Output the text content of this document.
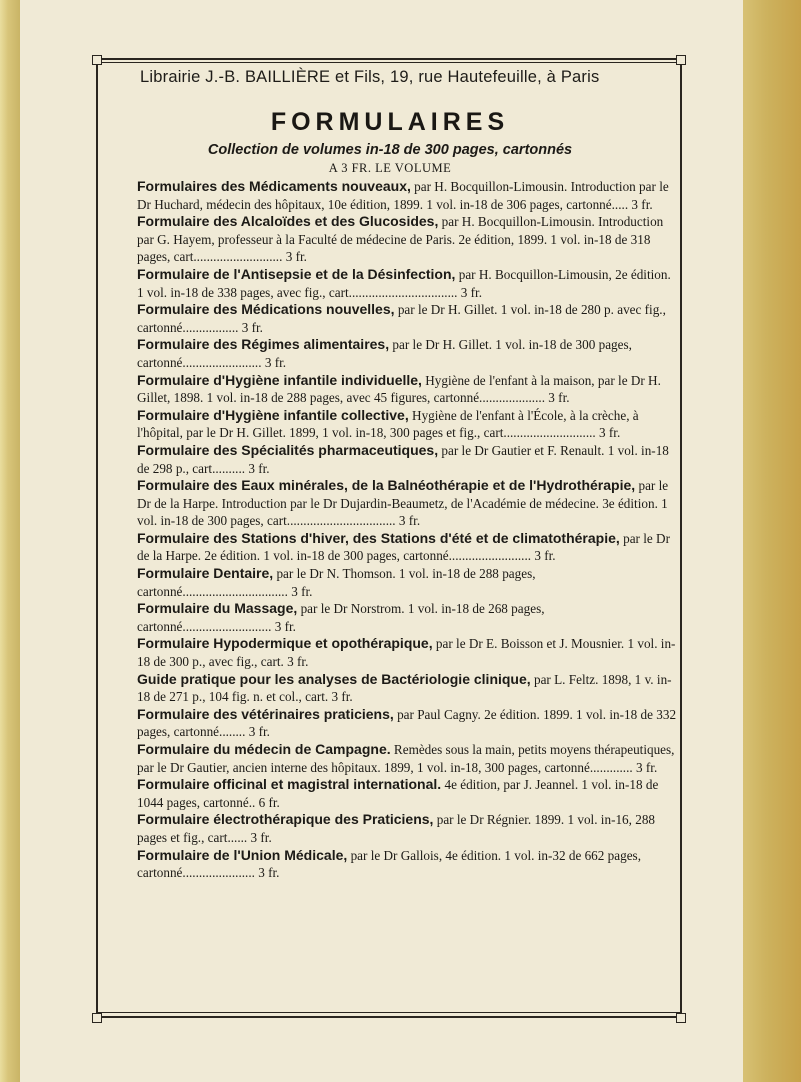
Librairie J.-B. BAILLIÈRE et Fils, 19, rue Hautefeuille, à Paris
FORMULAIRES
Collection de volumes in-18 de 300 pages, cartonnés
A 3 FR. LE VOLUME

Formulaires des Médicaments nouveaux, par H. Bocquillon-Limousin. Introduction par le Dr Huchard, médecin des hôpitaux, 10e édition, 1899. 1 vol. in-18 de 306 pages, cartonné..... 3 fr.

Formulaire des Alcaloïdes et des Glucosides, par H. Bocquillon-Limousin. Introduction par G. Hayem, professeur à la Faculté de médecine de Paris. 2e édition, 1899. 1 vol. in-18 de 318 pages, cart........................... 3 fr.

Formulaire de l'Antisepsie et de la Désinfection, par H. Bocquillon-Limousin, 2e édition. 1 vol. in-18 de 338 pages, avec fig., cart................................. 3 fr.

Formulaire des Médications nouvelles, par le Dr H. Gillet. 1 vol. in-18 de 280 p. avec fig., cartonné................. 3 fr.

Formulaire des Régimes alimentaires, par le Dr H. Gillet. 1 vol. in-18 de 300 pages, cartonné........................ 3 fr.

Formulaire d'Hygiène infantile individuelle, Hygiène de l'enfant à la maison, par le Dr H. Gillet, 1898. 1 vol. in-18 de 288 pages, avec 45 figures, cartonné.................... 3 fr.

Formulaire d'Hygiène infantile collective, Hygiène de l'enfant à l'École, à la crèche, à l'hôpital, par le Dr H. Gillet. 1899, 1 vol. in-18, 300 pages et fig., cart............................ 3 fr.

Formulaire des Spécialités pharmaceutiques, par le Dr Gautier et F. Renault. 1 vol. in-18 de 298 p., cart.......... 3 fr.

Formulaire des Eaux minérales, de la Balnéothérapie et de l'Hydrothérapie, par le Dr de la Harpe. Introduction par le Dr Dujardin-Beaumetz, de l'Académie de médecine. 3e édition. 1 vol. in-18 de 300 pages, cart................................. 3 fr.

Formulaire des Stations d'hiver, des Stations d'été et de climatothérapie, par le Dr de la Harpe. 2e édition. 1 vol. in-18 de 300 pages, cartonné......................... 3 fr.

Formulaire Dentaire, par le Dr N. Thomson. 1 vol. in-18 de 288 pages, cartonné................................ 3 fr.

Formulaire du Massage, par le Dr Norstrom. 1 vol. in-18 de 268 pages, cartonné........................... 3 fr.

Formulaire Hypodermique et opothérapique, par le Dr E. Boisson et J. Mousnier. 1 vol. in-18 de 300 p., avec fig., cart. 3 fr.

Guide pratique pour les analyses de Bactériologie clinique, par L. Feltz. 1898, 1 v. in-18 de 271 p., 104 fig. n. et col., cart. 3 fr.

Formulaire des vétérinaires praticiens, par Paul Cagny. 2e édition. 1899. 1 vol. in-18 de 332 pages, cartonné........ 3 fr.

Formulaire du médecin de Campagne. Remèdes sous la main, petits moyens thérapeutiques, par le Dr Gautier, ancien interne des hôpitaux. 1899, 1 vol. in-18, 300 pages, cartonné............. 3 fr.

Formulaire officinal et magistral international. 4e édition, par J. Jeannel. 1 vol. in-18 de 1044 pages, cartonné.. 6 fr.

Formulaire électrothérapique des Praticiens, par le Dr Régnier. 1899. 1 vol. in-16, 288 pages et fig., cart...... 3 fr.

Formulaire de l'Union Médicale, par le Dr Gallois, 4e édition. 1 vol. in-32 de 662 pages, cartonné...................... 3 fr.
